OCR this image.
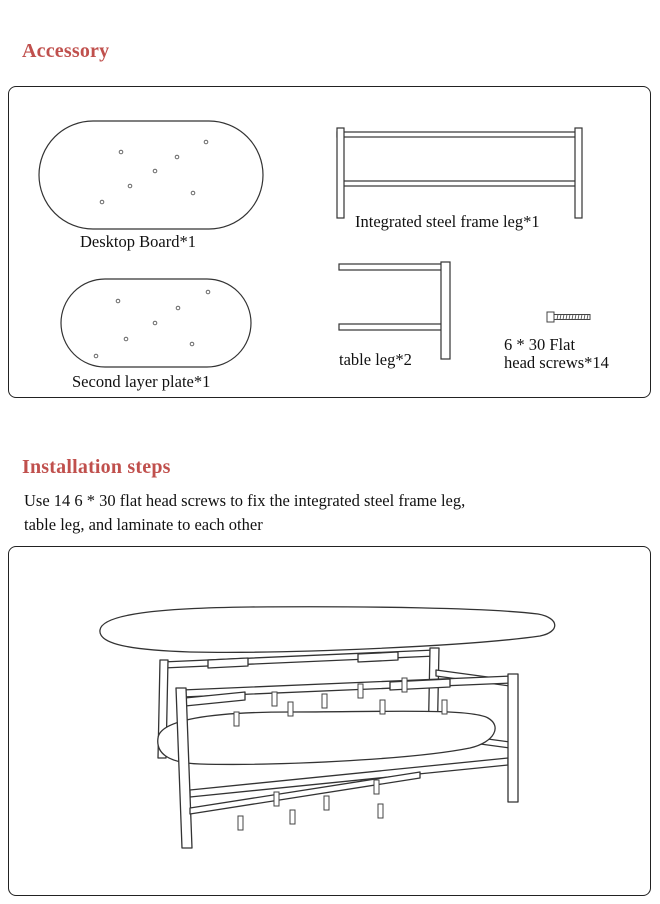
Accessory
Desktop Board*1
Integrated steel frame leg*1
Second layer plate*1
table leg*2
6 * 30 Flat
head screws*14
Installation steps

Use 14 6 * 30 flat head screws to fix the integrated steel frame leg,

table leg, and laminate to each other
